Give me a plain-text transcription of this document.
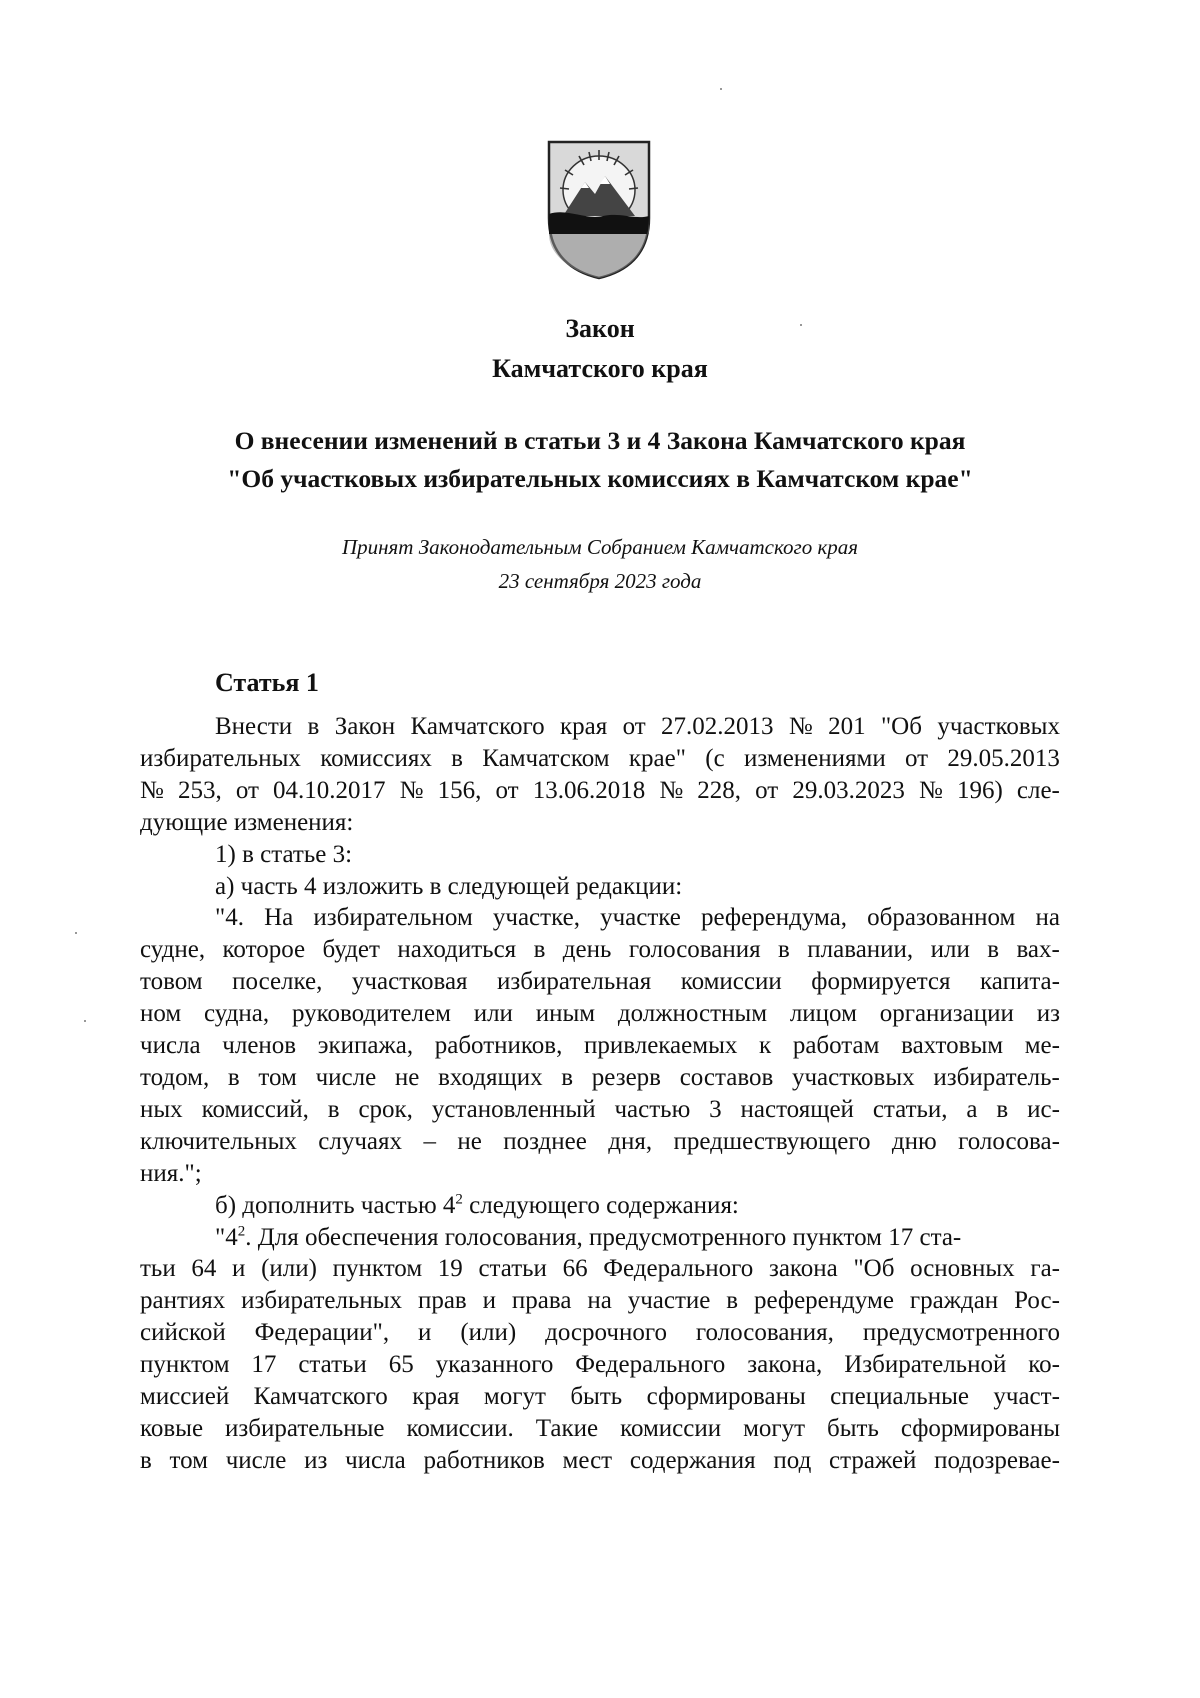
Закон
Камчатского края
О внесении изменений в статьи 3 и 4 Закона Камчатского края
"Об участковых избирательных комиссиях в Камчатском крае"
Принят Законодательным Собранием Камчатского края
23 сентября 2023 года
Статья 1
Внести в Закон Камчатского края от 27.02.2013 № 201 "Об участковых
избирательных комиссиях в Камчатском крае" (с изменениями от 29.05.2013
№ 253, от 04.10.2017 № 156, от 13.06.2018 № 228, от 29.03.2023 № 196) сле-
дующие изменения:
1) в статье 3:
а) часть 4 изложить в следующей редакции:
"4. На избирательном участке, участке референдума, образованном на
судне, которое будет находиться в день голосования в плавании, или в вах-
товом поселке, участковая избирательная комиссии формируется капита-
ном судна, руководителем или иным должностным лицом организации из
числа членов экипажа, работников, привлекаемых к работам вахтовым ме-
тодом, в том числе не входящих в резерв составов участковых избиратель-
ных комиссий, в срок, установленный частью 3 настоящей статьи, а в ис-
ключительных случаях – не позднее дня, предшествующего дню голосова-
ния.";
б) дополнить частью $4^2$ следующего содержания:
"$4^2$. Для обеспечения голосования, предусмотренного пунктом 17 ста-
тьи 64 и (или) пунктом 19 статьи 66 Федерального закона "Об основных га-
рантиях избирательных прав и права на участие в референдуме граждан Рос-
сийской Федерации", и (или) досрочного голосования, предусмотренного
пунктом 17 статьи 65 указанного Федерального закона, Избирательной ко-
миссией Камчатского края могут быть сформированы специальные участ-
ковые избирательные комиссии. Такие комиссии могут быть сформированы
в том числе из числа работников мест содержания под стражей подозревае-
